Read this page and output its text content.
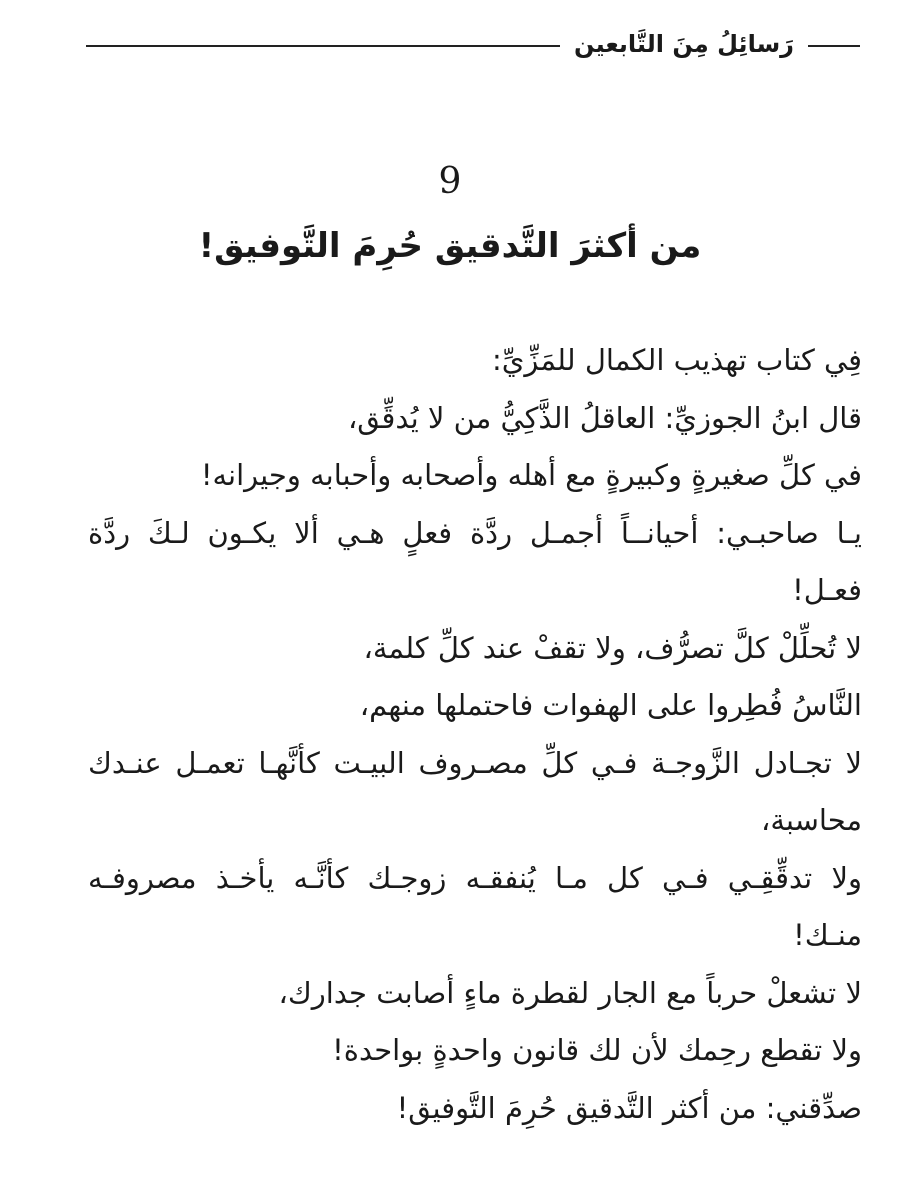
رَسائِلُ مِنَ التَّابعين
9
من أكثرَ التَّدقيق حُرِمَ التَّوفيق!
فِي كتاب تهذيب الكمال للمَزِّيِّ:
قال ابنُ الجوزيِّ: العاقلُ الذَّكِيُّ من لا يُدقِّق،
في كلِّ صغيرةٍ وكبيرةٍ مع أهله وأصحابه وأحبابه وجيرانه!
يـا صاحبـي: أحيانــاً أجمـل ردَّة فعلٍ هـي ألا يكـون لـكَ ردَّة
فعـل!
لا تُحلِّلْ كلَّ تصرُّف، ولا تقفْ عند كلِّ كلمة،
النَّاسُ فُطِروا على الهفوات فاحتملها منهم،
لا تجـادل الزَّوجـة فـي كلِّ مصـروف البيـت كأنَّهـا تعمـل عنـدك
محاسبة،
ولا تدقِّقِـي فـي كل مـا يُنفقـه زوجـك كأنَّـه يأخـذ مصروفـه
منـك!
لا تشعلْ حرباً مع الجار لقطرة ماءٍ أصابت جدارك،
ولا تقطع رحِمك لأن لك قانون واحدةٍ بواحدة!
صدِّقني: من أكثر التَّدقيق حُرِمَ التَّوفيق!
